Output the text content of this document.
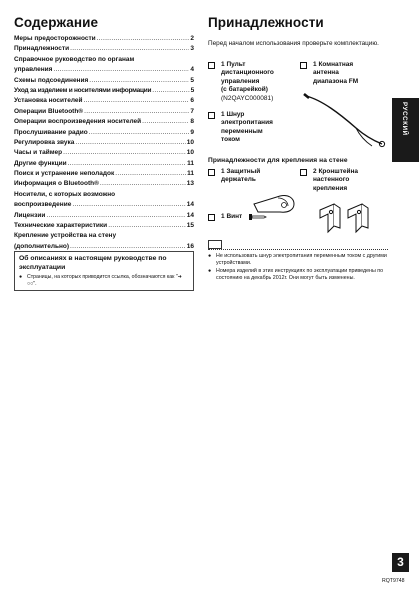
Содержание	Принадлежности
Меры предосторожности .....	2
Принадлежности .....	3
Справочное руководство по органам
управления .....	4
Схемы подсоединения .....	5
Уход за изделием и носителями информации .....	5
Установка носителей .....	6
Операции Bluetooth® .....	7
Операции воспроизведения носителей .....	8
Прослушивание радио .....	9
Регулировка звука .....	10
Часы и таймер .....	10
Другие функции .....	11
Поиск и устранение неполадок .....	11
Информация о Bluetooth® .....	13
Носители, с которых возможно
воспроизведение .....	14
Лицензии .....	14
Технические характеристики .....	15
Крепление устройства на стену
(дополнительно) .....	16
Об описаниях в настоящем руководстве по эксплуатации
● Страницы, на которых приводится ссылка, обозначаются как "➜ ○○".
Перед началом использования проверьте комплектацию.
1 Пульт
дистанционного
управления
(с батарейкой)
(N2QAYC000081)
1 Комнатная
антенна
диапазона FM
1 Шнур
электропитания
переменным
током
Принадлежности для крепления на стене
1 Защитный
держатель
2 Кронштейна
настенного
крепления
1 Винт
● Не использовать шнур электропитания переменным током с другими устройствами.
● Номера изделий в этих инструкциях по эксплуатации приведены по состоянию на декабрь 2012г. Они могут быть изменены.
РУССКИЙ
3
RQT9748
